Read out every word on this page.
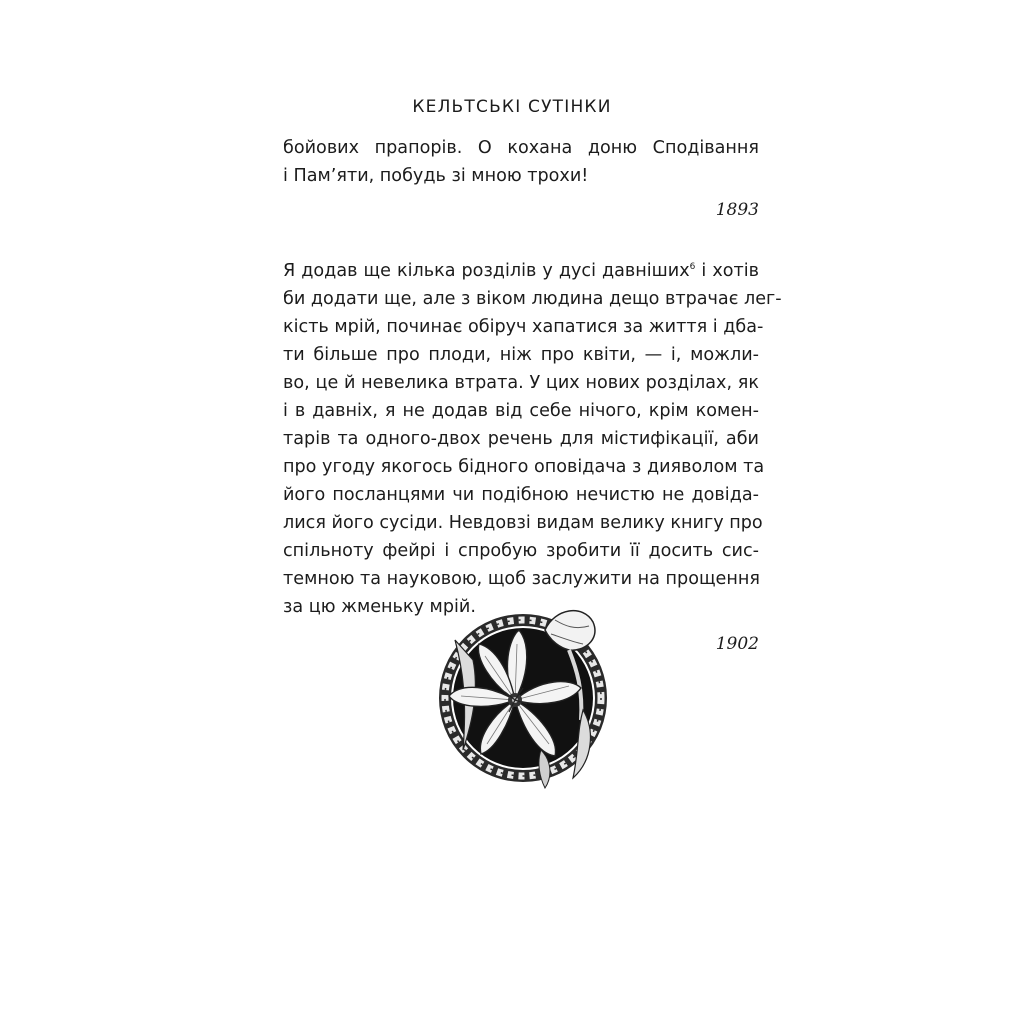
КЕЛЬТСЬКІ СУТІНКИ
бойових прапорів. О кохана доню Сподівання
і Пам’яти, побудь зі мною трохи!
1893
Я додав ще кілька розділів у дусі давніших$^6$ і хотів
би додати ще, але з віком людина дещо втрачає лег-
кість мрій, починає обіруч хапатися за життя і дба-
ти більше про плоди, ніж про квіти, — і, можли-
во, це й невелика втрата. У цих нових розділах, як
і в давніх, я не додав від себе нічого, крім комен-
тарів та одного-двох речень для містифікації, аби
про угоду якогось бідного оповідача з дияволом та
його посланцями чи подібною нечистю не довіда-
лися його сусіди. Невдовзі видам велику книгу про
спільноту фейрі і спробую зробити її досить сис-
темною та науковою, щоб заслужити на прощення
за цю жменьку мрій.
1902
